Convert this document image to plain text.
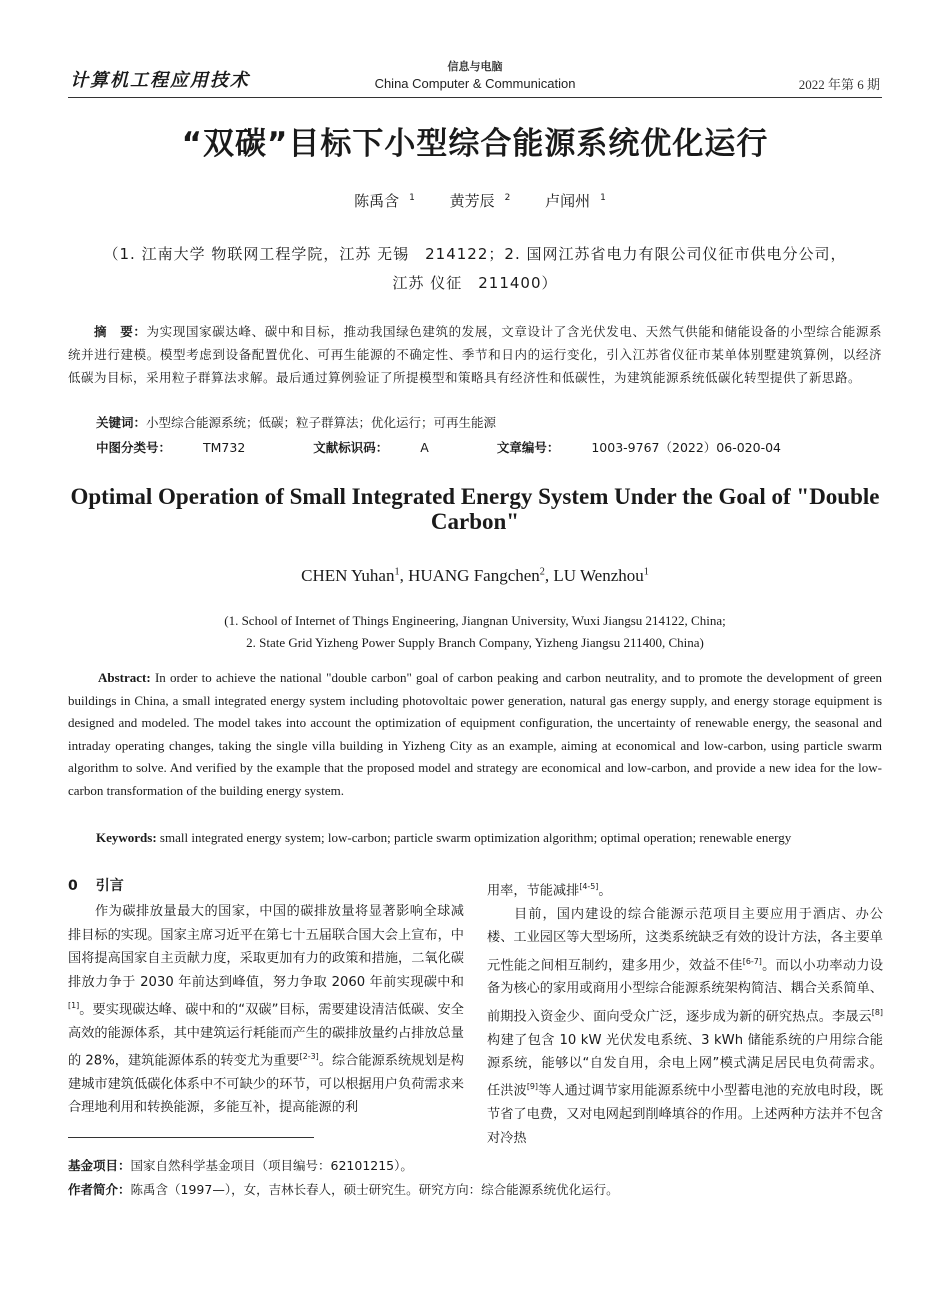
计算机工程应用技术
信息与电脑
China Computer & Communication	2022 年第 6 期
“双碳”目标下小型综合能源系统优化运行
陈禹含 $^1$ 黄芳辰 $^2$ 卢闻州 $^1$
（1. 江南大学 物联网工程学院，江苏 无锡　214122；2. 国网江苏省电力有限公司仪征市供电分公司，
江苏 仪征　211400）
摘　要：为实现国家碳达峰、碳中和目标，推动我国绿色建筑的发展，文章设计了含光伏发电、天然气供能和储能设备的小型综合能源系统并进行建模。模型考虑到设备配置优化、可再生能源的不确定性、季节和日内的运行变化，引入江苏省仪征市某单体别墅建筑算例，以经济低碳为目标，采用粒子群算法求解。最后通过算例验证了所提模型和策略具有经济性和低碳性，为建筑能源系统低碳化转型提供了新思路。
关键词：小型综合能源系统；低碳；粒子群算法；优化运行；可再生能源
中图分类号：	TM732	文献标识码：	A	文章编号：	1003-9767（2022）06-020-04
Optimal Operation of Small Integrated Energy System Under the Goal of "Double Carbon"
CHEN Yuhan$^1$, HUANG Fangchen$^2$, LU Wenzhou$^1$
(1. School of Internet of Things Engineering, Jiangnan University, Wuxi Jiangsu 214122, China;
2. State Grid Yizheng Power Supply Branch Company, Yizheng Jiangsu 211400, China)
Abstract: In order to achieve the national "double carbon" goal of carbon peaking and carbon neutrality, and to promote the development of green buildings in China, a small integrated energy system including photovoltaic power generation, natural gas energy supply, and energy storage equipment is designed and modeled. The model takes into account the optimization of equipment configuration, the uncertainty of renewable energy, the seasonal and intraday operating changes, taking the single villa building in Yizheng City as an example, aiming at economical and low-carbon, using particle swarm algorithm to solve. And verified by the example that the proposed model and strategy are economical and low-carbon, and provide a new idea for the low-carbon transformation of the building energy system.
Keywords: small integrated energy system; low-carbon; particle swarm optimization algorithm; optimal operation; renewable energy
0 引言

作为碳排放量最大的国家，中国的碳排放量将显著影响全球减排目标的实现。国家主席习近平在第七十五届联合国大会上宣布，中国将提高国家自主贡献力度，采取更加有力的政策和措施，二氧化碳排放力争于 2030 年前达到峰值，努力争取 2060 年前实现碳中和[1]。要实现碳达峰、碳中和的“双碳”目标，需要建设清洁低碳、安全高效的能源体系，其中建筑运行耗能而产生的碳排放量约占排放总量的 28%，建筑能源体系的转变尤为重要[2-3]。综合能源系统规划是构建城市建筑低碳化体系中不可缺少的环节，可以根据用户负荷需求来合理地利用和转换能源，多能互补，提高能源的利

用率，节能减排[4-5]。

目前，国内建设的综合能源示范项目主要应用于酒店、办公楼、工业园区等大型场所，这类系统缺乏有效的设计方法，各主要单元性能之间相互制约，建多用少，效益不佳[6-7]。而以小功率动力设备为核心的家用或商用小型综合能源系统架构简洁、耦合关系简单、前期投入资金少、面向受众广泛，逐步成为新的研究热点。李晟云[8]构建了包含 10 kW 光伏发电系统、3 kWh 储能系统的户用综合能源系统，能够以“自发自用，余电上网”模式满足居民电负荷需求。任洪波[9]等人通过调节家用能源系统中小型蓄电池的充放电时段，既节省了电费，又对电网起到削峰填谷的作用。上述两种方法并不包含对冷热

基金项目：国家自然科学基金项目（项目编号：62101215）。
作者简介：陈禹含（1997—），女，吉林长春人，硕士研究生。研究方向：综合能源系统优化运行。
